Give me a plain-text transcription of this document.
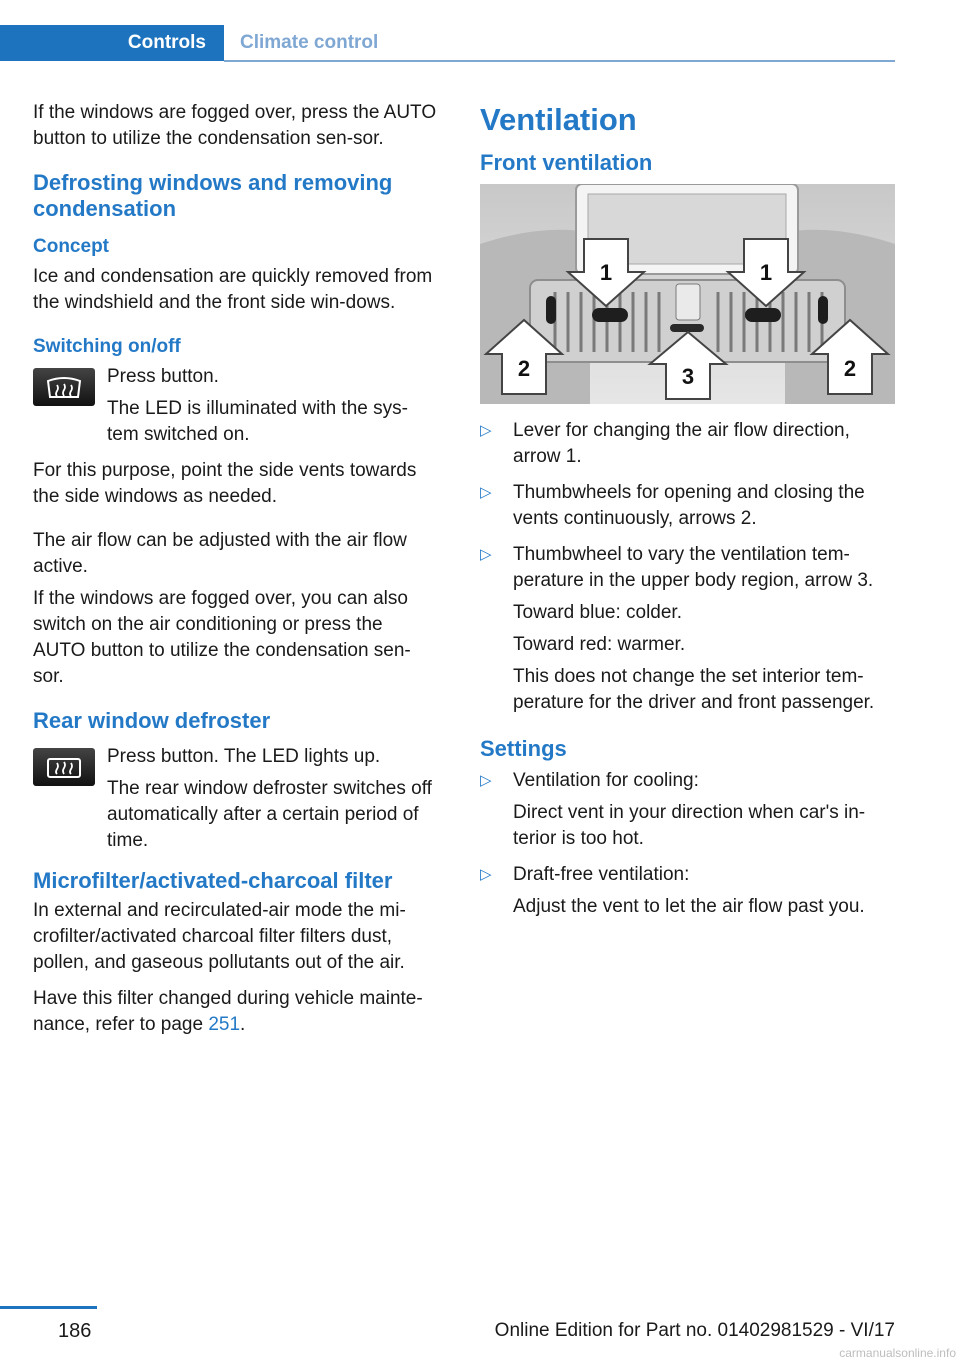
Controls	Climate control

If the windows are fogged over, press the AUTO button to utilize the condensation sen-sor.

Defrosting windows and removing condensation
Concept

Ice and condensation are quickly removed from the windshield and the front side win-dows.

Switching on/off

Press button.

The LED is illuminated with the sys-tem switched on.

For this purpose, point the side vents towards the side windows as needed.

The air flow can be adjusted with the air flow active.

If the windows are fogged over, you can also switch on the air conditioning or press the AUTO button to utilize the condensation sen-sor.

Rear window defroster

Press button. The LED lights up.

The rear window defroster switches off automatically after a certain period of time.

Microfilter/activated-charcoal filter

In external and recirculated-air mode the mi-crofilter/activated charcoal filter filters dust, pollen, and gaseous pollutants out of the air.

Have this filter changed during vehicle mainte-nance, refer to page 251.

Ventilation
Front ventilation
1	1
2	3	2
▷ Lever for changing the air flow direction, arrow 1.
▷ Thumbwheels for opening and closing the vents continuously, arrows 2.
▷ Thumbwheel to vary the ventilation tem-perature in the upper body region, arrow 3.
Toward blue: colder.
Toward red: warmer.
This does not change the set interior tem-perature for the driver and front passenger.
Settings
▷ Ventilation for cooling:
Direct vent in your direction when car's in-terior is too hot.
▷ Draft-free ventilation:
Adjust the vent to let the air flow past you.
186	Online Edition for Part no. 01402981529 - VI/17
carmanualsonline.info
